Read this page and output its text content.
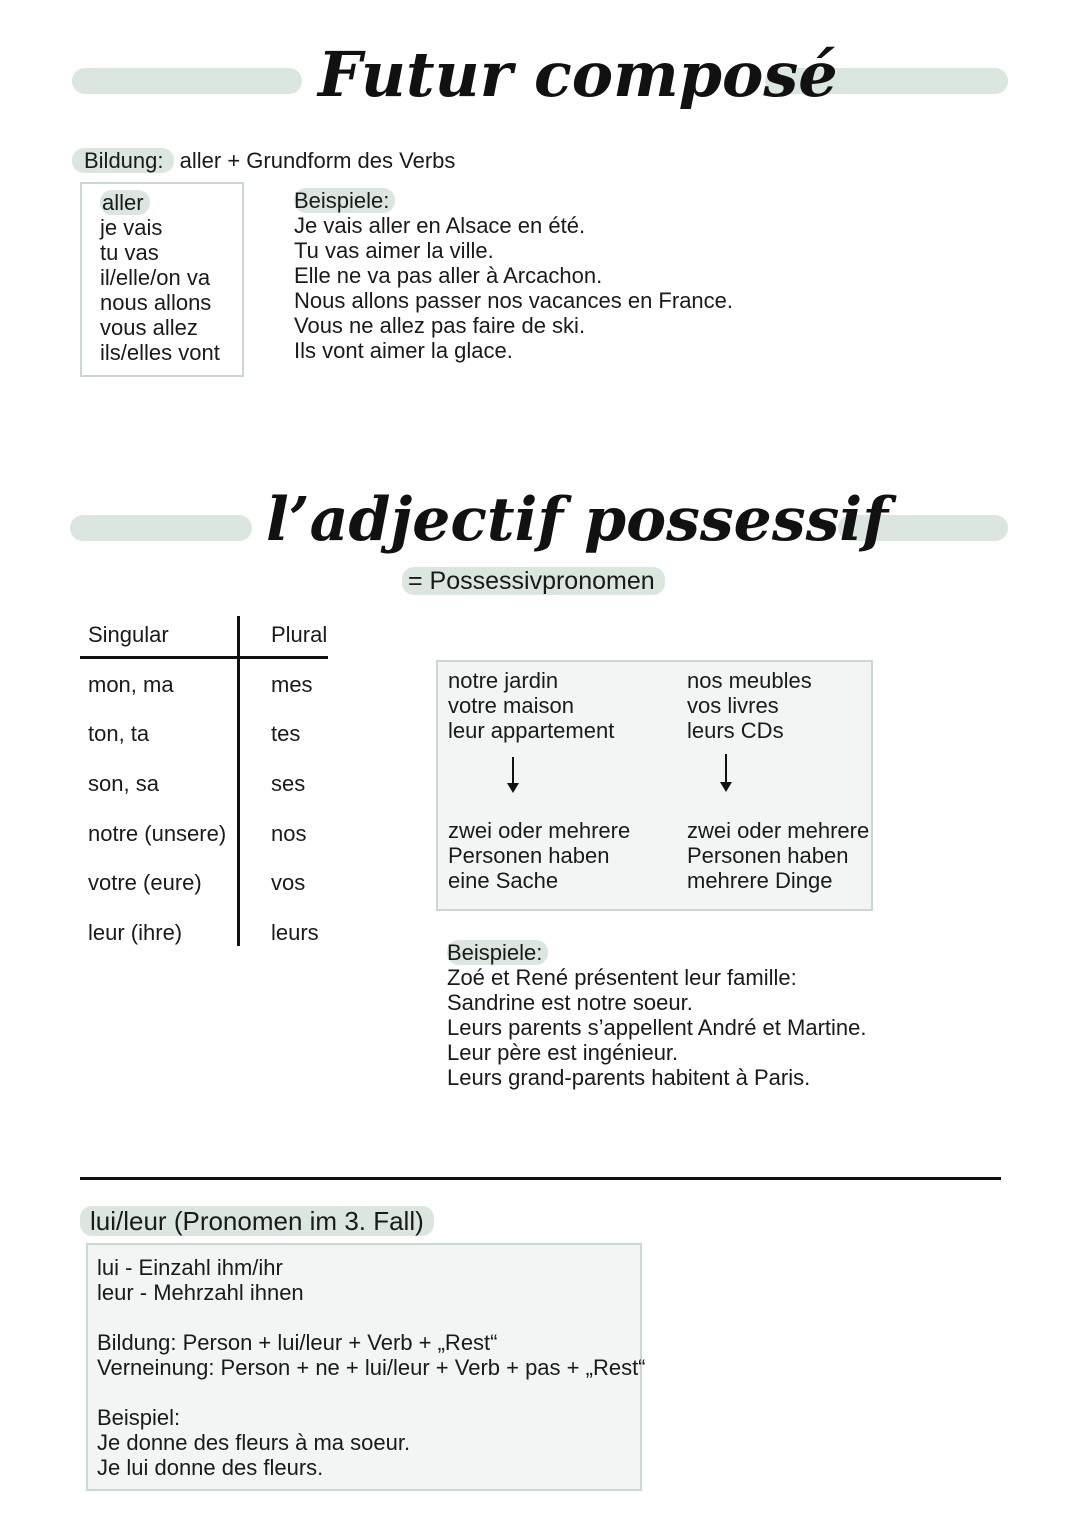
Futur composé
Bildung: aller + Grundform des Verbs
aller
je vais
tu vas
il/elle/on va
nous allons
vous allez
ils/elles vont
Beispiele:
Je vais aller en Alsace en été.
Tu vas aimer la ville.
Elle ne va pas aller à Arcachon.
Nous allons passer nos vacances en France.
Vous ne allez pas faire de ski.
Ils vont aimer la glace.
l’adjectif possessif
= Possessivpronomen
Singular	Plural
mon, ma	mes
ton, ta	tes
son, sa	ses
notre (unsere) nos
votre (eure)	vos
leur (ihre)	leurs
notre jardin
votre maison
leur appartement
nos meubles
vos livres
leurs CDs
zwei oder mehrere
Personen haben
eine Sache
zwei oder mehrere
Personen haben
mehrere Dinge
Beispiele:
Zoé et René présentent leur famille:
Sandrine est notre soeur.
Leurs parents s’appellent André et Martine.
Leur père est ingénieur.
Leurs grand-parents habitent à Paris.
lui/leur (Pronomen im 3. Fall)
lui - Einzahl ihm/ihr
leur - Mehrzahl ihnen
Bildung: Person + lui/leur + Verb + „Rest“
Verneinung: Person + ne + lui/leur + Verb + pas + „Rest“
Beispiel:
Je donne des fleurs à ma soeur.
Je lui donne des fleurs.
